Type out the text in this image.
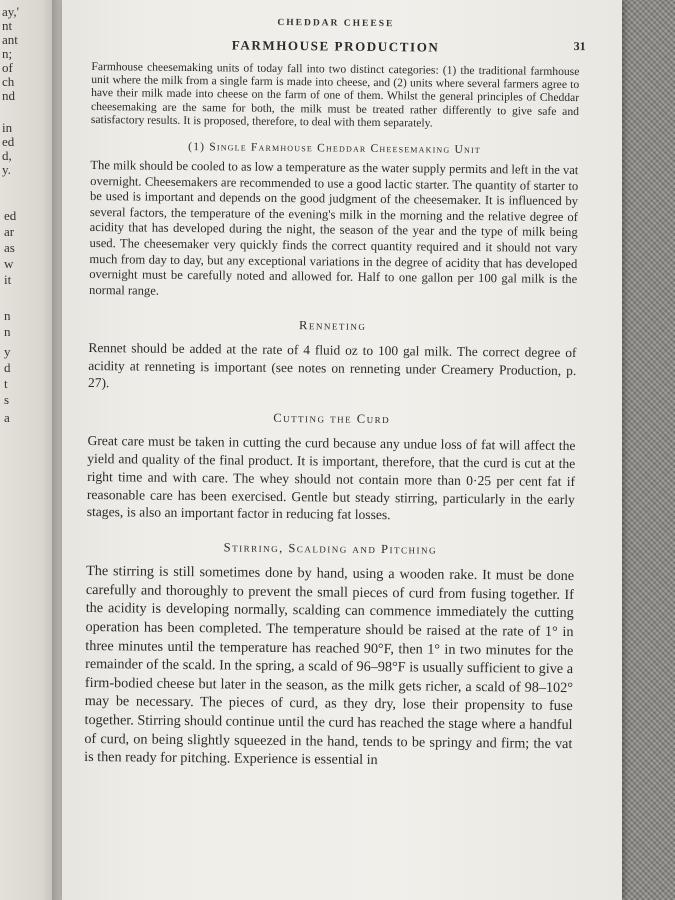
ay,'
nt
ant
n;
of
ch
nd
in
ed
d,
y.
ed
ar
as
w
it
n
n
y
d
t
s
a
CHEDDAR CHEESE
31
FARMHOUSE PRODUCTION

Farmhouse cheesemaking units of today fall into two distinct categories: (1) the traditional farmhouse unit where the milk from a single farm is made into cheese, and (2) units where several farmers agree to have their milk made into cheese on the farm of one of them. Whilst the general principles of Cheddar cheesemaking are the same for both, the milk must be treated rather differently to give safe and satisfactory results. It is proposed, therefore, to deal with them separately.

(1) Single Farmhouse Cheddar Cheesemaking Unit

The milk should be cooled to as low a temperature as the water supply permits and left in the vat overnight. Cheesemakers are recommended to use a good lactic starter. The quantity of starter to be used is important and depends on the good judgment of the cheesemaker. It is influenced by several factors, the temperature of the evening's milk in the morning and the relative degree of acidity that has developed during the night, the season of the year and the type of milk being used. The cheesemaker very quickly finds the correct quantity required and it should not vary much from day to day, but any exceptional variations in the degree of acidity that has developed overnight must be carefully noted and allowed for. Half to one gallon per 100 gal milk is the normal range.

Renneting

Rennet should be added at the rate of 4 fluid oz to 100 gal milk. The correct degree of acidity at renneting is important (see notes on renneting under Creamery Production, p. 27).

Cutting the Curd

Great care must be taken in cutting the curd because any undue loss of fat will affect the yield and quality of the final product. It is important, therefore, that the curd is cut at the right time and with care. The whey should not contain more than 0·25 per cent fat if reasonable care has been exercised. Gentle but steady stirring, particularly in the early stages, is also an important factor in reducing fat losses.

Stirring, Scalding and Pitching

The stirring is still sometimes done by hand, using a wooden rake. It must be done carefully and thoroughly to prevent the small pieces of curd from fusing together. If the acidity is developing normally, scalding can commence immediately the cutting operation has been completed. The temperature should be raised at the rate of 1° in three minutes until the temperature has reached 90°F, then 1° in two minutes for the remainder of the scald. In the spring, a scald of 96–98°F is usually sufficient to give a firm-bodied cheese but later in the season, as the milk gets richer, a scald of 98–102° may be necessary. The pieces of curd, as they dry, lose their propensity to fuse together. Stirring should continue until the curd has reached the stage where a handful of curd, on being slightly squeezed in the hand, tends to be springy and firm; the vat is then ready for pitching. Experience is essential in
